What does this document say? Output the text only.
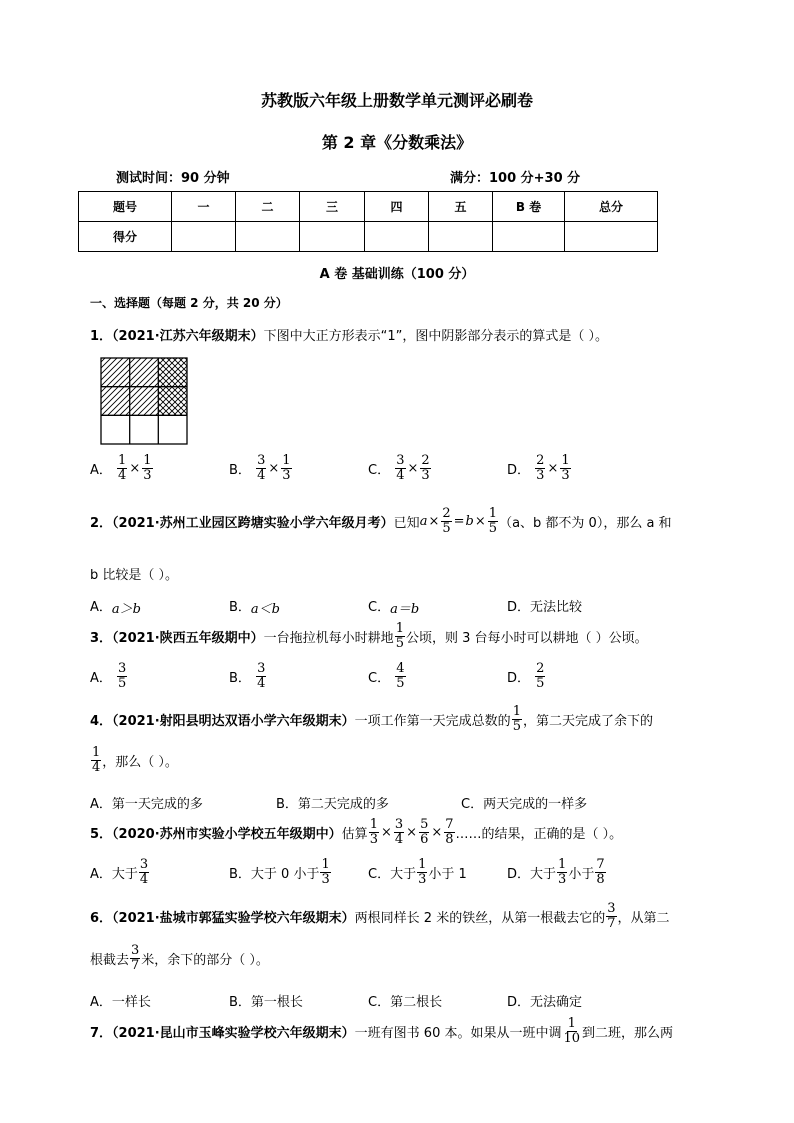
苏教版六年级上册数学单元测评必刷卷
第 2 章《分数乘法》
测试时间：90 分钟	满分：100 分+30 分
题号	一	二	三	四	五	B 卷	总分
得分							
A 卷 基础训练（100 分）
一、选择题（每题 2 分，共 20 分）
1．（2021·江苏六年级期末）下图中大正方形表示“1”，图中阴影部分表示的算式是（ ）。
A． $\frac{1}{4} \times \frac{1}{3}$	B． $\frac{3}{4} \times \frac{1}{3}$	C． $\frac{3}{4} \times \frac{2}{3}$	D． $\frac{2}{3} \times \frac{1}{3}$
2．（2021·苏州工业园区跨塘实验小学六年级月考）已知$a\times \frac{2}{5} =b\times \frac{1}{5} (a$、b 都不为 0），那么 a 和
b 比较是（ ）。
A．a＞b	B．a＜b	C．a＝b	D．无法比较
3．（2021·陕西五年级期中）一台拖拉机每小时耕地 $\frac{1}{5}$ 公顷，则 3 台每小时可以耕地（ ）公顷。
A． $\frac{3}{5}$	B． $\frac{3}{4}$	C． $\frac{4}{5}$	D． $\frac{2}{5}$
4．（2021·射阳县明达双语小学六年级期末）一项工作第一天完成总数的 $\frac{1}{5}$ ，第二天完成了余下的
$\frac{1}{4}$ ，那么（ ）。
A．第一天完成的多	B．第二天完成的多	C．两天完成的一样多
5．（2020·苏州市实验小学校五年级期中）估算 $\frac{1}{3} \times \frac{3}{4} \times \frac{5}{6} \times \frac{7}{8}$ ……的结果，正确的是（ ）。
A．大于 $\frac{3}{4}$	B．大于 0 小于 $\frac{1}{3}$	C．大于 $\frac{1}{3}$ 小于 1	D．大于 $\frac{1}{3}$ 小于 $\frac{7}{8}$
6．（2021·盐城市郭猛实验学校六年级期末）两根同样长 2 米的铁丝，从第一根截去它的 $\frac{3}{7}$ ，从第二
根截去 $\frac{3}{7}$ 米，余下的部分（ ）。
A．一样长	B．第一根长	C．第二根长	D．无法确定
7．（2021·昆山市玉峰实验学校六年级期末）一班有图书 60 本。如果从一班中调 $\frac{1}{10}$ 到二班，那么两
